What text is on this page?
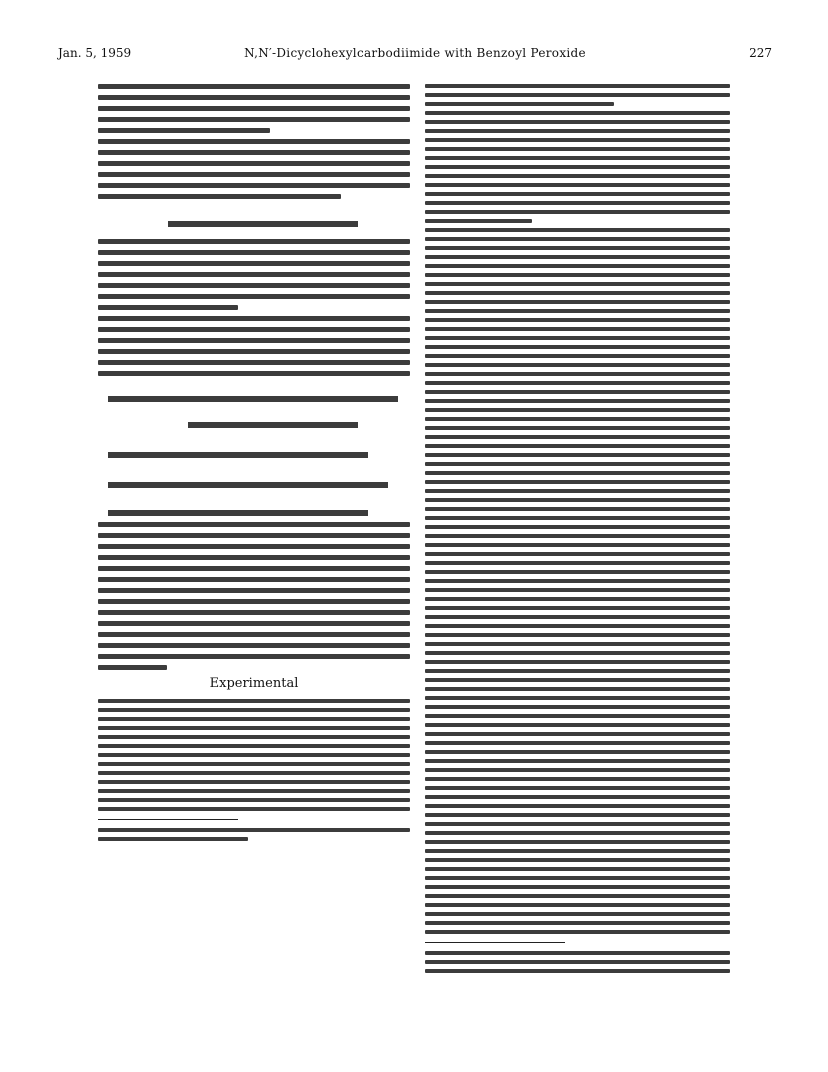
Jan. 5, 1959	N,N′-Dicyclohexylcarbodiimide with Benzoyl Peroxide	227
Experimental
